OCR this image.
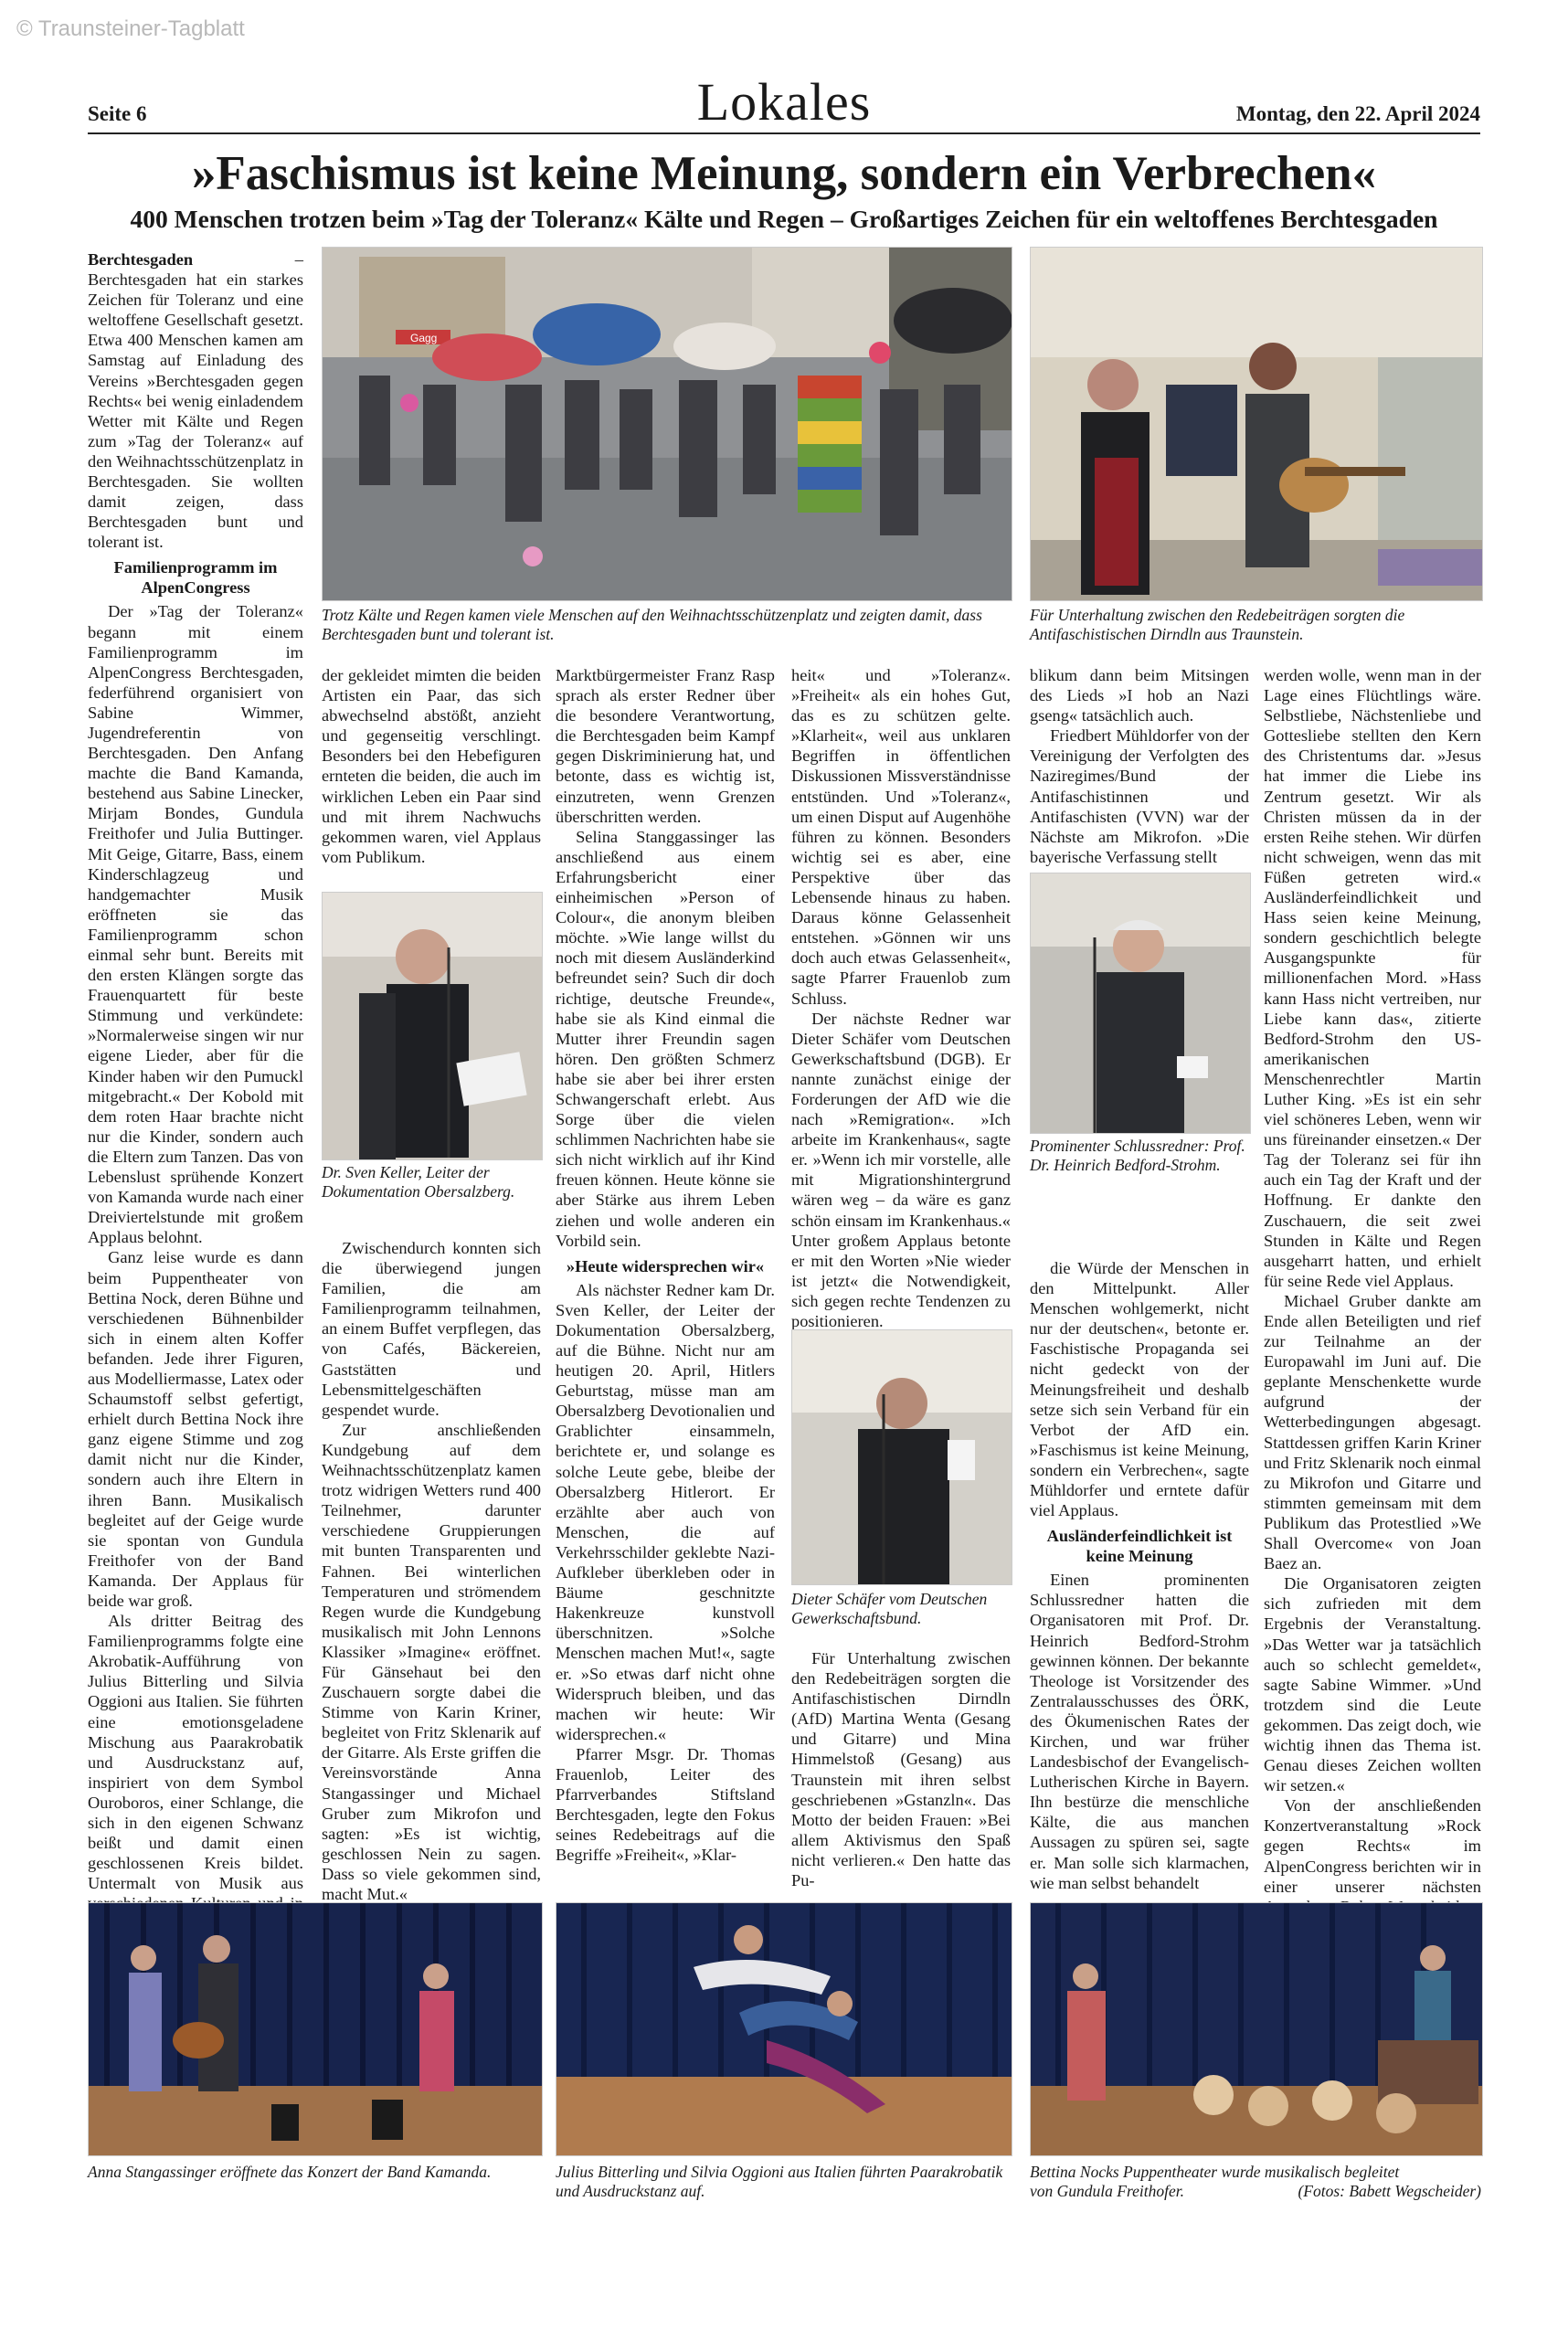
© Traunsteiner-Tagblatt
Seite 6	Lokales	Montag, den 22. April 2024
»Faschismus ist keine Meinung, sondern ein Verbrechen«
400 Menschen trotzen beim »Tag der Toleranz« Kälte und Regen – Großartiges Zeichen für ein weltoffenes Berchtesgaden
Gagg

Trotz Kälte und Regen kamen viele Menschen auf den Weihnachtsschützenplatz und zeigten damit, dass Berchtesgaden bunt und tolerant ist.

Für Unterhaltung zwischen den Redebeiträgen sorgten die Antifaschistischen Dirndln aus Traunstein.

Berchtesgaden – Berchtesgaden hat ein starkes Zeichen für Toleranz und eine weltoffene Gesellschaft gesetzt. Etwa 400 Menschen kamen am Samstag auf Einladung des Vereins »Berchtesgaden gegen Rechts« bei wenig einladendem Wetter mit Kälte und Regen zum »Tag der Toleranz« auf den Weihnachtsschützenplatz in Berchtesgaden. Sie wollten damit zeigen, dass Berchtesgaden bunt und tolerant ist.

Familienprogramm im AlpenCongress

Der »Tag der Toleranz« begann mit einem Familienprogramm im AlpenCongress Berchtesgaden, federführend organisiert von Sabine Wimmer, Jugendreferentin von Berchtesgaden. Den Anfang machte die Band Kamanda, bestehend aus Sabine Linecker, Mirjam Bondes, Gundula Freithofer und Julia Buttinger. Mit Geige, Gitarre, Bass, einem Kinderschlagzeug und handgemachter Musik eröffneten sie das Familienprogramm schon einmal sehr bunt. Bereits mit den ersten Klängen sorgte das Frauenquartett für beste Stimmung und verkündete: »Normalerweise singen wir nur eigene Lieder, aber für die Kinder haben wir den Pumuckl mitgebracht.« Der Kobold mit dem roten Haar brachte nicht nur die Kinder, sondern auch die Eltern zum Tanzen. Das von Lebenslust sprühende Konzert von Kamanda wurde nach einer Dreiviertelstunde mit großem Applaus belohnt.

Ganz leise wurde es dann beim Puppentheater von Bettina Nock, deren Bühne und verschiedenen Bühnenbilder sich in einem alten Koffer befanden. Jede ihrer Figuren, aus Modelliermasse, Latex oder Schaumstoff selbst gefertigt, erhielt durch Bettina Nock ihre ganz eigene Stimme und zog damit nicht nur die Kinder, sondern auch ihre Eltern in ihren Bann. Musikalisch begleitet auf der Geige wurde sie spontan von Gundula Freithofer von der Band Kamanda. Der Applaus für beide war groß.

Als dritter Beitrag des Familienprogramms folgte eine Akrobatik-Aufführung von Julius Bitterling und Silvia Oggioni aus Italien. Sie führten eine emotionsgeladene Mischung aus Paarakrobatik und Ausdruckstanz auf, inspiriert von dem Symbol Ouroboros, einer Schlange, die sich in den eigenen Schwanz beißt und damit einen geschlossenen Kreis bildet. Untermalt von Musik aus

der gekleidet mimten die beiden Artisten ein Paar, das sich abwechselnd abstößt, anzieht und gegenseitig verschlingt. Besonders bei den Hebefiguren ernteten die beiden, die auch im wirklichen Leben ein Paar sind und mit ihrem Nachwuchs gekommen waren, viel Applaus vom Publikum.

Dr. Sven Keller, Leiter der Dokumentation Obersalzberg.

Zwischendurch konnten sich die überwiegend jungen Familien, die am Familienprogramm teilnahmen, an einem Buffet verpflegen, das von Cafés, Bäckereien, Gaststätten und Lebensmittelgeschäften gespendet wurde.

Zur anschließenden Kundgebung auf dem Weihnachtsschützenplatz kamen trotz widrigen Wetters rund 400 Teilnehmer, darunter verschiedene Gruppierungen mit bunten Transparenten und Fahnen. Bei winterlichen Temperaturen und strömendem Regen wurde die Kundgebung musikalisch mit John Lennons Klassiker »Imagine« eröffnet. Für Gänsehaut bei den Zuschauern sorgte dabei die Stimme von Karin Kriner, begleitet von Fritz Sklenarik auf der Gitarre. Als Erste griffen die Vereinsvorstände Anna Stangassinger und Michael Gruber zum Mikrofon und sagten: »Es ist wichtig, geschlossen Nein zu sagen. Dass so viele gekommen sind, macht Mut.«

Marktbürgermeister Franz Rasp sprach als erster Redner über die besondere Verantwortung, die Berchtesgaden beim Kampf gegen Diskriminierung hat, und betonte, dass es wichtig ist, einzutreten, wenn Grenzen überschritten werden.

Selina Stanggassinger las anschließend aus einem Erfahrungsbericht einer einheimischen »Person of Colour«, die anonym bleiben möchte. »Wie lange willst du noch mit diesem Ausländerkind befreundet sein? Such dir doch richtige, deutsche Freunde«, habe sie als Kind einmal die Mutter ihrer Freundin sagen hören. Den größten Schmerz habe sie aber bei ihrer ersten Schwangerschaft erlebt. Aus Sorge über die vielen schlimmen Nachrichten habe sie sich nicht wirklich auf ihr Kind freuen können. Heute könne sie aber Stärke aus ihrem Leben ziehen und wolle anderen ein Vorbild sein.

»Heute widersprechen wir«

Als nächster Redner kam Dr. Sven Keller, der Leiter der Dokumentation Obersalzberg, auf die Bühne. Nicht nur am heutigen 20. April, Hitlers Geburtstag, müsse man am Obersalzberg Devotionalien und Grablichter einsammeln, berichtete er, und solange es solche Leute gebe, bleibe der Obersalzberg Hitlerort. Er erzählte aber auch von Menschen, die auf Verkehrsschilder geklebte Nazi-Aufkleber überkleben oder in Bäume geschnitzte Hakenkreuze kunstvoll überschnitzen. »Solche Menschen machen Mut!«, sagte er. »So etwas darf nicht ohne Widerspruch bleiben, und das machen wir heute: Wir widersprechen.«

Pfarrer Msgr. Dr. Thomas Frauenlob, Leiter des Pfarrverbandes Stiftsland Berchtesgaden, legte den Fokus seines Redebeitrags auf die Begriffe »Freiheit«, »Klar-

heit« und »Toleranz«. »Freiheit« als ein hohes Gut, das es zu schützen gelte. »Klarheit«, weil aus unklaren Begriffen in öffentlichen Diskussionen Missverständnisse entstünden. Und »Toleranz«, um einen Disput auf Augenhöhe führen zu können. Besonders wichtig sei es aber, eine Perspektive über das Lebensende hinaus zu haben. Daraus könne Gelassenheit entstehen. »Gönnen wir uns doch auch etwas Gelassenheit«, sagte Pfarrer Frauenlob zum Schluss.

Der nächste Redner war Dieter Schäfer vom Deutschen Gewerkschaftsbund (DGB). Er nannte zunächst einige der Forderungen der AfD wie die nach »Remigration«. »Ich arbeite im Krankenhaus«, sagte er. »Wenn ich mir vorstelle, alle mit Migrationshintergrund wären weg – da wäre es ganz schön einsam im Krankenhaus.« Unter großem Applaus betonte er mit den Worten »Nie wieder ist jetzt« die Notwendigkeit, sich gegen rechte Tendenzen zu positionieren.

Dieter Schäfer vom Deutschen Gewerkschaftsbund.

Für Unterhaltung zwischen den Redebeiträgen sorgten die Antifaschistischen Dirndln (AfD) Martina Wenta (Gesang und Gitarre) und Mina Himmelstoß (Gesang) aus Traunstein mit ihren selbst geschriebenen »Gstanzln«. Das Motto der beiden Frauen: »Bei allem Aktivismus den Spaß nicht verlieren.« Den hatte das Pu-

blikum dann beim Mitsingen des Lieds »I hob an Nazi gseng« tatsächlich auch.

Friedbert Mühldorfer von der Vereinigung der Verfolgten des Naziregimes/Bund der Antifaschistinnen und Antifaschisten (VVN) war der Nächste am Mikrofon. »Die bayerische Verfassung stellt

Prominenter Schlussredner: Prof. Dr. Heinrich Bedford-Strohm.

die Würde der Menschen in den Mittelpunkt. Aller Menschen wohlgemerkt, nicht nur der deutschen«, betonte er. Faschistische Propaganda sei nicht gedeckt von der Meinungsfreiheit und deshalb setze sich sein Verband für ein Verbot der AfD ein. »Faschismus ist keine Meinung, sondern ein Verbrechen«, sagte Mühldorfer und erntete dafür viel Applaus.

Ausländerfeindlichkeit ist keine Meinung

Einen prominenten Schlussredner hatten die Organisatoren mit Prof. Dr. Heinrich Bedford-Strohm gewinnen können. Der bekannte Theologe ist Vorsitzender des Zentralausschusses des ÖRK, des Ökumenischen Rates der Kirchen, und war früher Landesbischof der Evangelisch-Lutherischen Kirche in Bayern. Ihn bestürze die menschliche Kälte, die aus manchen Aussagen zu spüren sei, sagte er. Man solle sich klarmachen, wie man selbst behandelt

werden wolle, wenn man in der Lage eines Flüchtlings wäre. Selbstliebe, Nächstenliebe und Gottesliebe stellten den Kern des Christentums dar. »Jesus hat immer die Liebe ins Zentrum gesetzt. Wir als Christen müssen da in der ersten Reihe stehen. Wir dürfen nicht schweigen, wenn das mit Füßen getreten wird.« Ausländerfeindlichkeit und Hass seien keine Meinung, sondern geschichtlich belegte Ausgangspunkte für millionenfachen Mord. »Hass kann Hass nicht vertreiben, nur Liebe kann das«, zitierte Bedford-Strohm den US-amerikanischen Menschenrechtler Martin Luther King. »Es ist ein sehr viel schöneres Leben, wenn wir uns füreinander einsetzen.« Der Tag der Toleranz sei für ihn auch ein Tag der Kraft und der Hoffnung. Er dankte den Zuschauern, die seit zwei Stunden in Kälte und Regen ausgeharrt hatten, und erhielt für seine Rede viel Applaus.

Michael Gruber dankte am Ende allen Beteiligten und rief zur Teilnahme an der Europawahl im Juni auf. Die geplante Menschenkette wurde aufgrund der Wetterbedingungen abgesagt. Stattdessen griffen Karin Kriner und Fritz Sklenarik noch einmal zu Mikrofon und Gitarre und stimmten gemeinsam mit dem Publikum das Protestlied »We Shall Overcome« von Joan Baez an.

Die Organisatoren zeigten sich zufrieden mit dem Ergebnis der Veranstaltung. »Das Wetter war ja tatsächlich auch so schlecht gemeldet«, sagte Sabine Wimmer. »Und trotzdem sind die Leute gekommen. Das zeigt doch, wie wichtig ihnen das Thema ist. Genau dieses Zeichen wollten wir setzen.«

Von der anschließenden Konzertveranstaltung »Rock gegen Rechts« im AlpenCongress berichten wir in einer unserer nächsten

Anna Stangassinger eröffnete das Konzert der Band Kamanda.	Julius Bitterling und Silvia Oggioni aus Italien führten Paarakrobatik und Ausdruckstanz auf.

Bettina Nocks Puppentheater wurde musikalisch begleitet

von Gundula Freithofer.	(Fotos: Babett Wegscheider)
